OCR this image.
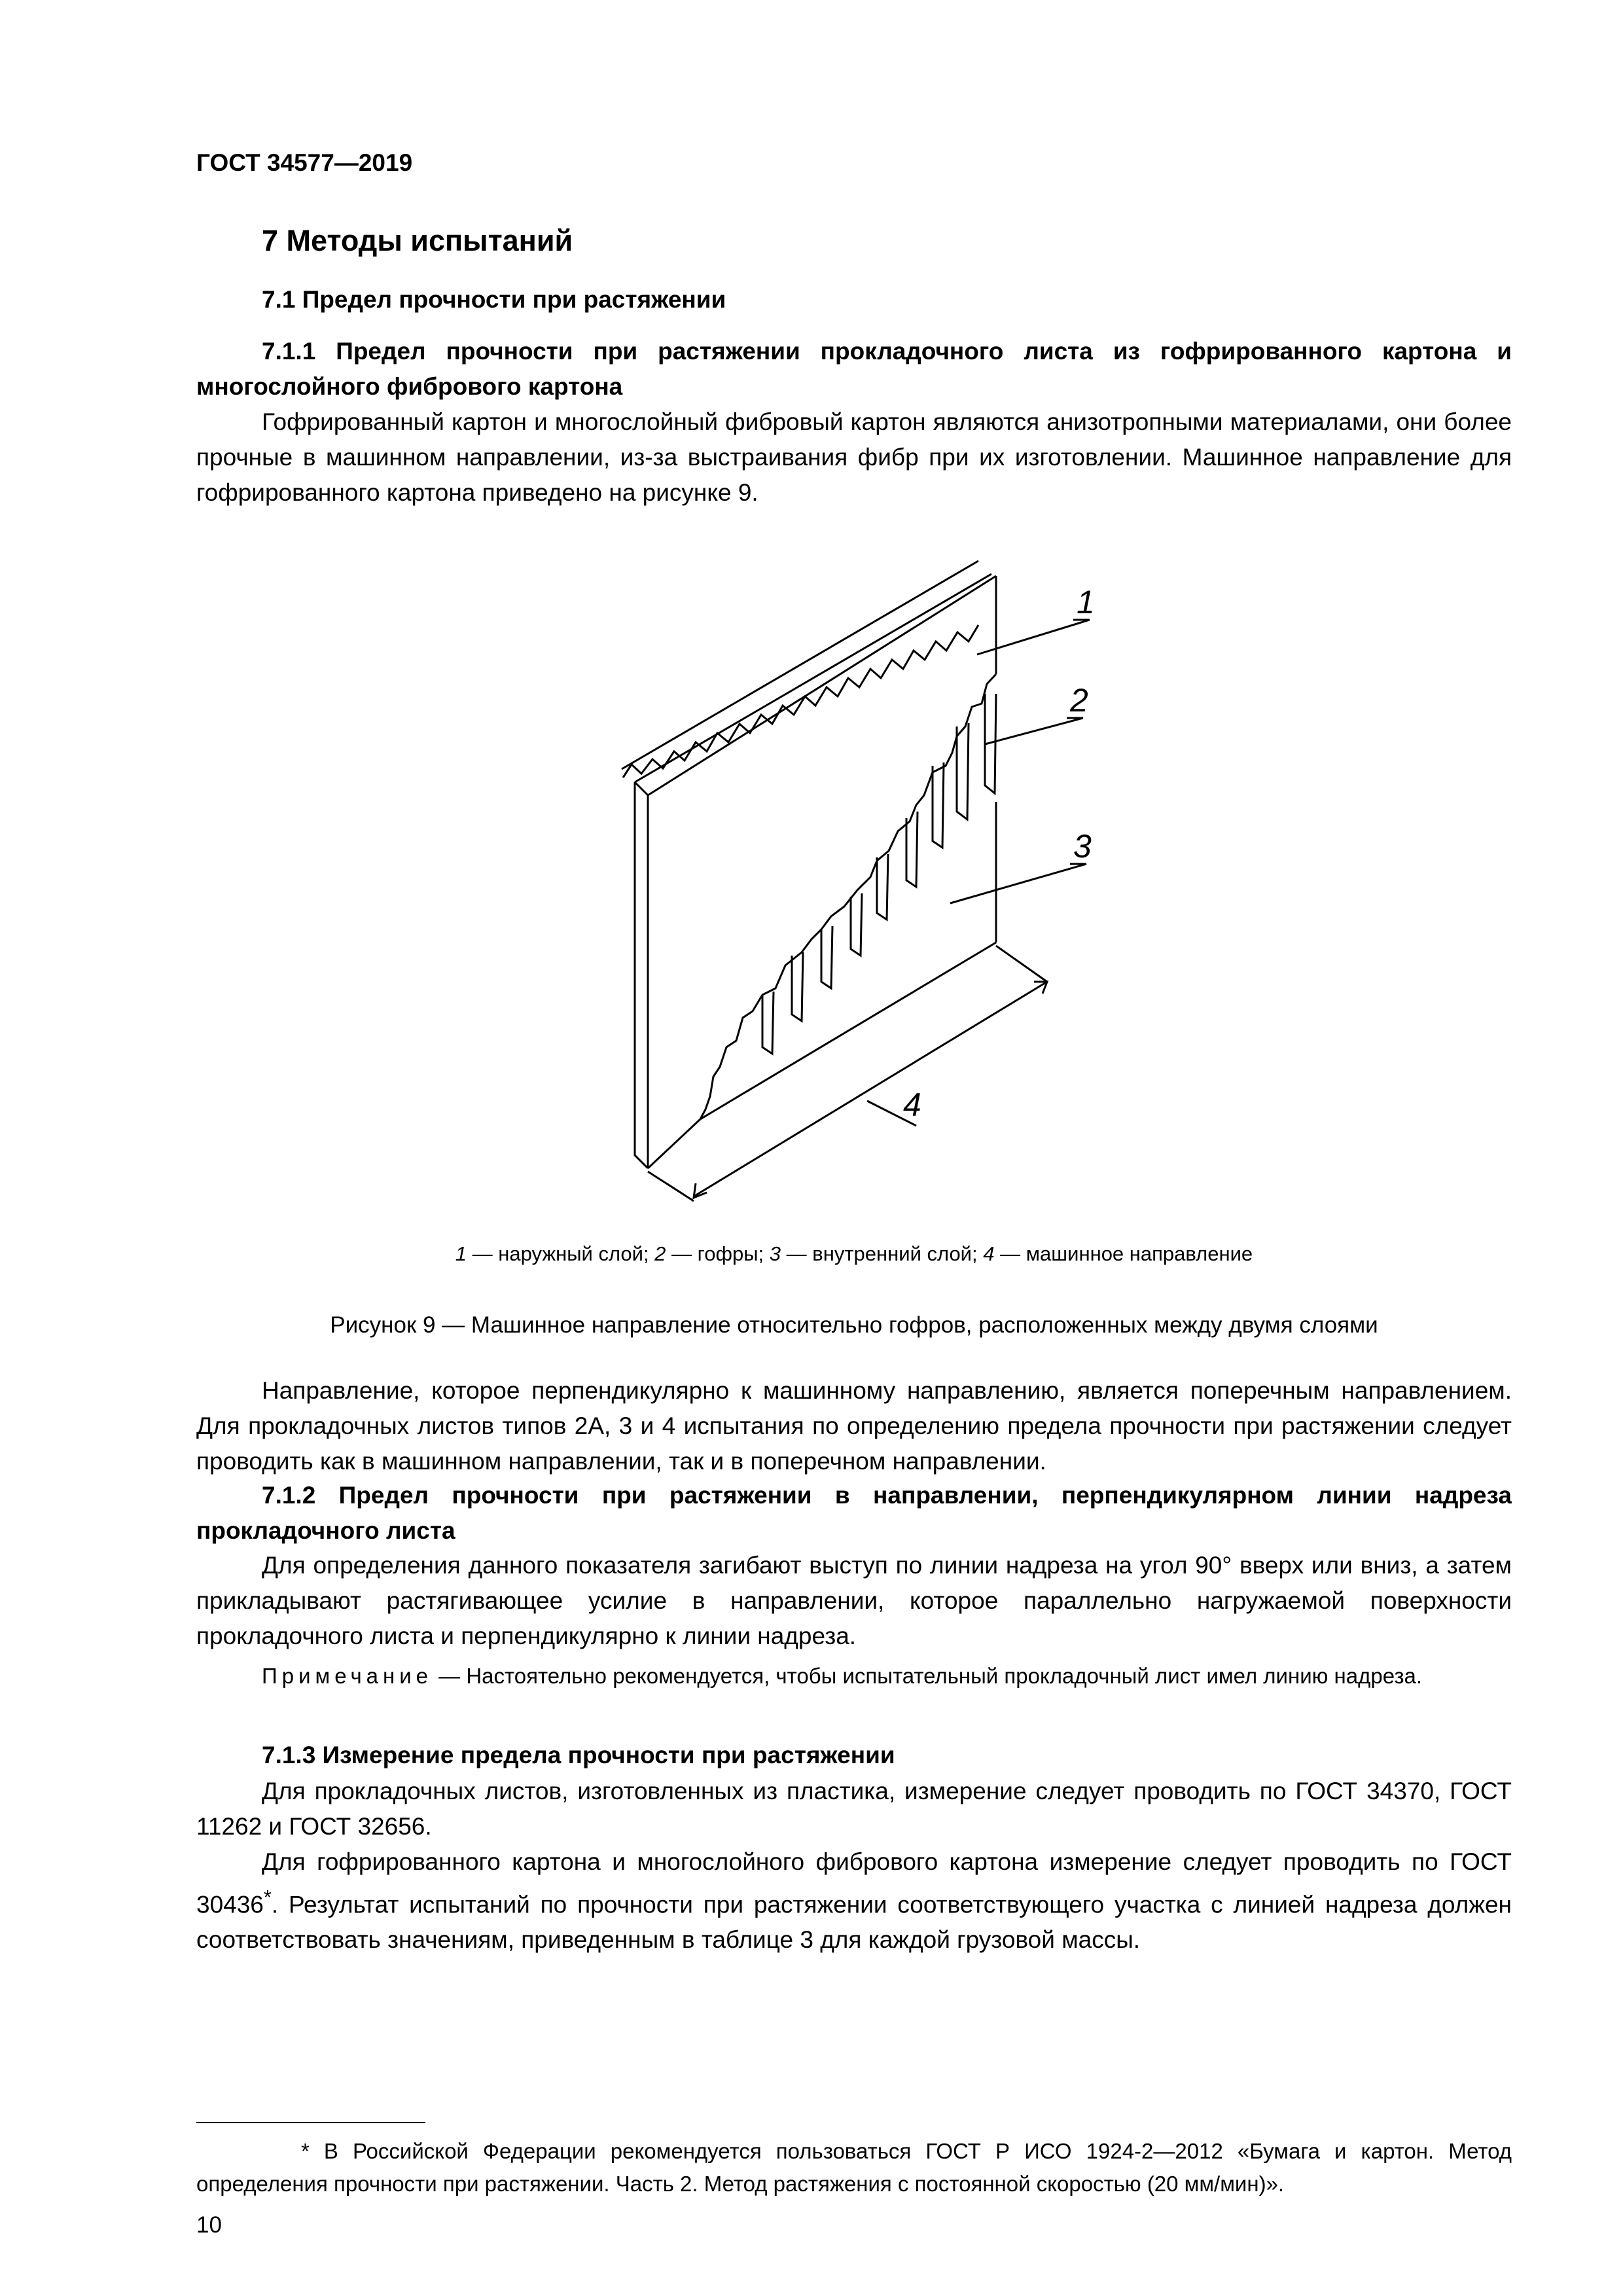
ГОСТ 34577—2019
7 Методы испытаний
7.1 Предел прочности при растяжении
7.1.1 Предел прочности при растяжении прокладочного листа из гофрированного картона и многослойного фибрового картона
Гофрированный картон и многослойный фибровый картон являются анизотропными материалами, они более прочные в машинном направлении, из-за выстраивания фибр при их изготовлении. Машинное направление для гофрированного картона приведено на рисунке 9.
1
2
3
4
1 — наружный слой; 2 — гофры; 3 — внутренний слой; 4 — машинное направление
Рисунок 9 — Машинное направление относительно гофров, расположенных между двумя слоями
Направление, которое перпендикулярно к машинному направлению, является поперечным направлением. Для прокладочных листов типов 2А, 3 и 4 испытания по определению предела прочности при растяжении следует проводить как в машинном направлении, так и в поперечном направлении.
7.1.2 Предел прочности при растяжении в направлении, перпендикулярном линии надреза прокладочного листа
Для определения данного показателя загибают выступ по линии надреза на угол 90° вверх или вниз, а затем прикладывают растягивающее усилие в направлении, которое параллельно нагружаемой поверхности прокладочного листа и перпендикулярно к линии надреза.
Примечание — Настоятельно рекомендуется, чтобы испытательный прокладочный лист имел линию надреза.
7.1.3 Измерение предела прочности при растяжении
Для прокладочных листов, изготовленных из пластика, измерение следует проводить по ГОСТ 34370, ГОСТ 11262 и ГОСТ 32656.
Для гофрированного картона и многослойного фибрового картона измерение следует проводить по ГОСТ 30436*. Результат испытаний по прочности при растяжении соответствующего участка с линией надреза должен соответствовать значениям, приведенным в таблице 3 для каждой грузовой массы.
* В Российской Федерации рекомендуется пользоваться ГОСТ Р ИСО 1924-2—2012 «Бумага и картон. Метод определения прочности при растяжении. Часть 2. Метод растяжения с постоянной скоростью (20 мм/мин)».
10
